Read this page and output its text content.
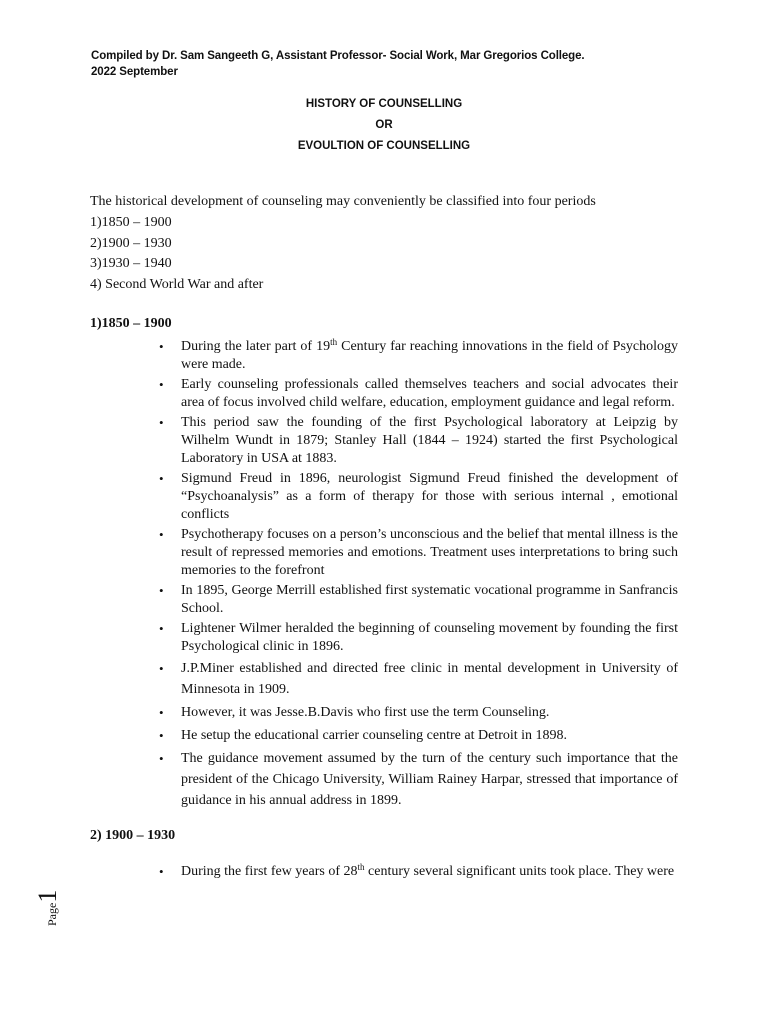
Compiled by Dr. Sam Sangeeth G, Assistant Professor- Social Work, Mar Gregorios College.
2022 September
HISTORY OF COUNSELLING
OR
EVOULTION OF COUNSELLING
The historical development of counseling may conveniently be classified into four periods
1)1850 – 1900
2)1900 – 1930
3)1930 – 1940
4) Second World War and after
1)1850 – 1900
• During the later part of 19th Century far reaching innovations in the field of Psychology were made.
• Early counseling professionals called themselves teachers and social advocates their area of focus involved child welfare, education, employment guidance and legal reform.
• This period saw the founding of the first Psychological laboratory at Leipzig by Wilhelm Wundt in 1879; Stanley Hall (1844 – 1924) started the first Psychological Laboratory in USA at 1883.
• Sigmund Freud in 1896, neurologist Sigmund Freud finished the development of “Psychoanalysis” as a form of therapy for those with serious internal , emotional conflicts
• Psychotherapy focuses on a person’s unconscious and the belief that mental illness is the result of repressed memories and emotions. Treatment uses interpretations to bring such memories to the forefront
• In 1895, George Merrill established first systematic vocational programme in Sanfrancis School.
• Lightener Wilmer heralded the beginning of counseling movement by founding the first Psychological clinic in 1896.
• J.P.Miner established and directed free clinic in mental development in University of Minnesota in 1909.
• However, it was Jesse.B.Davis who first use the term Counseling.
• He setup the educational carrier counseling centre at Detroit in 1898.
• The guidance movement assumed by the turn of the century such importance that the president of the Chicago University, William Rainey Harpar, stressed that importance of guidance in his annual address in 1899.
2) 1900 – 1930
• During the first few years of 28th century several significant units took place. They were
Page1
